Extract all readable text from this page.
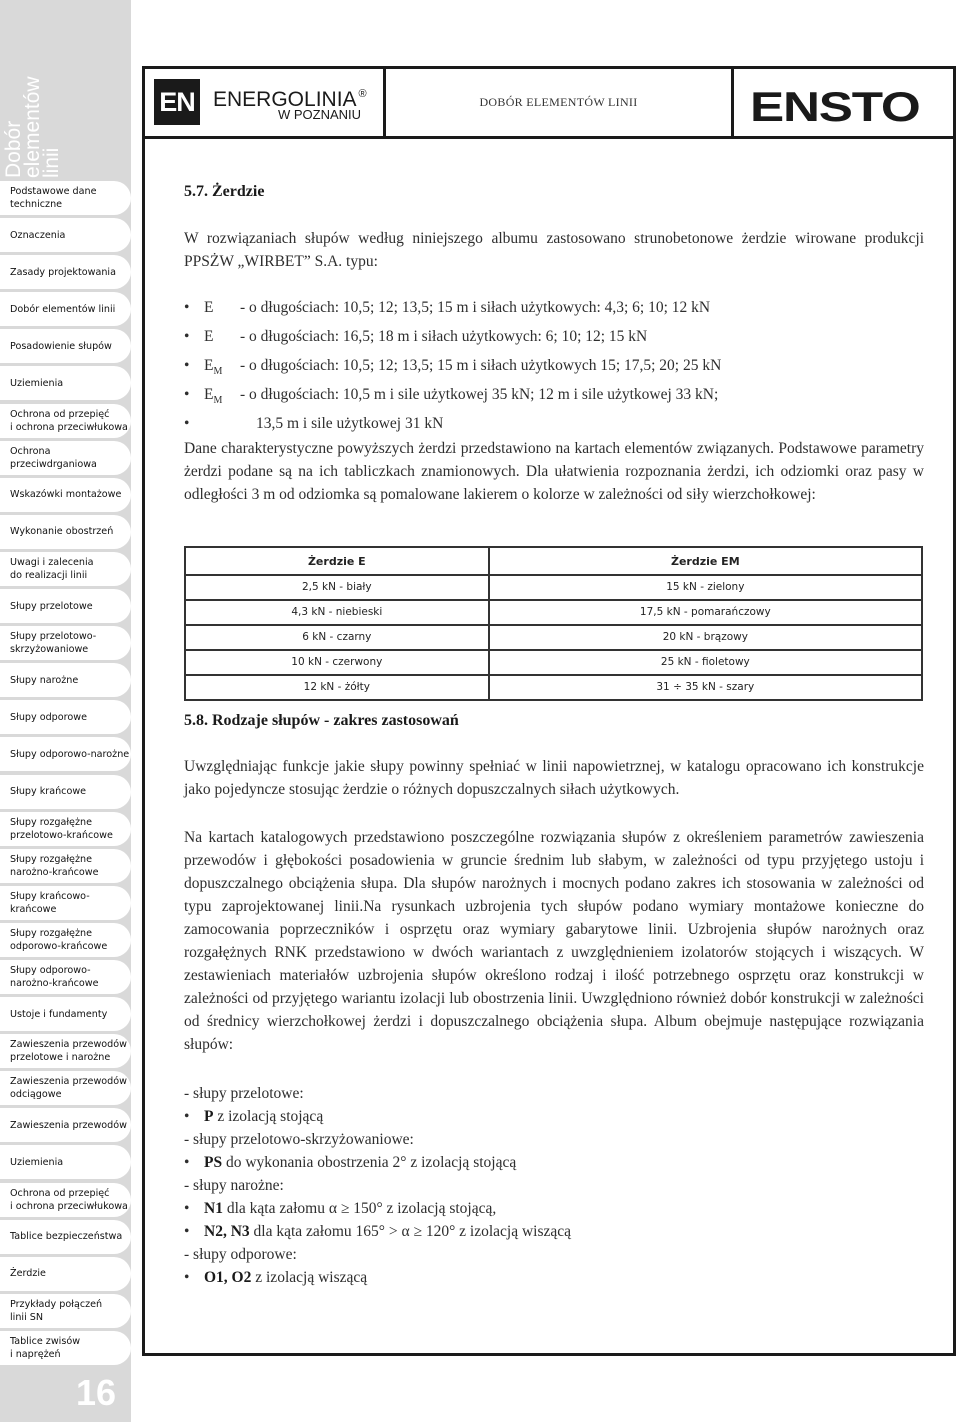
Dobór
elementów
linii
Podstawowe dane
techniczne
Oznaczenia
Zasady projektowania
Dobór elementów linii
Posadowienie słupów
Uziemienia
Ochrona od przepięć
i ochrona przeciwłukowa
Ochrona
przeciwdrganiowa
Wskazówki montażowe
Wykonanie obostrzeń
Uwagi i zalecenia
do realizacji linii
Słupy przelotowe
Słupy przelotowo-
skrzyżowaniowe
Słupy narożne
Słupy odporowe
Słupy odporowo-narożne
Słupy krańcowe
Słupy rozgałężne
przelotowo-krańcowe
Słupy rozgałężne
narożno-krańcowe
Słupy krańcowo-
krańcowe
Słupy rozgałężne
odporowo-krańcowe
Słupy odporowo-
narożno-krańcowe
Ustoje i fundamenty
Zawieszenia przewodów
przelotowe i narożne
Zawieszenia przewodów
odciągowe
Zawieszenia przewodów
Uziemienia
Ochrona od przepięć
i ochrona przeciwłukowa
Tablice bezpieczeństwa
Żerdzie
Przykłady połączeń
linii SN
Tablice zwisów
i naprężeń
16
EN ENERGOLINIA ®
W POZNANIU
DOBÓR ELEMENTÓW LINII	ENSTO
5.7. Żerdzie

W rozwiązaniach słupów według niniejszego albumu zastosowano strunobetonowe żerdzie wirowane produkcji PPSŻW „WIRBET” S.A. typu:

• E - o długościach: 10,5; 12; 13,5; 15 m i siłach użytkowych: 4,3; 6; 10; 12 kN
• E - o długościach: 16,5; 18 m i siłach użytkowych: 6; 10; 12; 15 kN
• $E_M$ - o długościach: 10,5; 12; 13,5; 15 m i siłach użytkowych 15; 17,5; 20; 25 kN
• $E_M$ - o długościach: 10,5 m i sile użytkowej 35 kN; 12 m i sile użytkowej 33 kN;
• 13,5 m i sile użytkowej 31 kN

Dane charakterystyczne powyższych żerdzi przedstawiono na kartach elementów związanych. Podstawowe parametry żerdzi podane są na ich tabliczkach znamionowych. Dla ułatwienia rozpoznania żerdzi, ich odziomki oraz pasy w odległości 3 m od odziomka są pomalowane lakierem o kolorze w zależności od siły wierzchołkowej:

Żerdzie E	Żerdzie EM
2,5 kN - biały	15 kN - zielony
4,3 kN - niebieski	17,5 kN - pomarańczowy
6 kN - czarny	20 kN - brązowy
10 kN - czerwony	25 kN - fioletowy
12 kN - żółty	31 ÷ 35 kN - szary
5.8. Rodzaje słupów - zakres zastosowań

Uwzględniając funkcje jakie słupy powinny spełniać w linii napowietrznej, w katalogu opracowano ich konstrukcje jako pojedyncze stosując żerdzie o różnych dopuszczalnych siłach użytkowych.

Na kartach katalogowych przedstawiono poszczególne rozwiązania słupów z określeniem parametrów zawieszenia przewodów i głębokości posadowienia w gruncie średnim lub słabym, w zależności od typu przyjętego ustoju i dopuszczalnego obciążenia słupa. Dla słupów narożnych i mocnych podano zakres ich stosowania w zależności od typu zaprojektowanej linii.Na rysunkach uzbrojenia tych słupów podano wymiary montażowe konieczne do zamocowania poprzeczników i osprzętu oraz wymiary gabarytowe linii. Uzbrojenia słupów narożnych oraz rozgałężnych RNK przedstawiono w dwóch wariantach z uwzględnieniem izolatorów stojących i wiszących. W zestawieniach materiałów uzbrojenia słupów określono rodzaj i ilość potrzebnego osprzętu oraz konstrukcji w zależności od przyjętego wariantu izolacji lub obostrzenia linii. Uwzględniono również dobór konstrukcji w zależności od średnicy wierzchołkowej żerdzi i dopuszczalnego obciążenia słupa. Album obejmuje następujące rozwiązania słupów:

- słupy przelotowe:
• P z izolacją stojącą
- słupy przelotowo-skrzyżowaniowe:
• PS do wykonania obostrzenia 2° z izolacją stojącą
- słupy narożne:
• N1 dla kąta załomu α ≥ 150° z izolacją stojącą,
• N2, N3 dla kąta załomu 165° > α ≥ 120° z izolacją wiszącą
- słupy odporowe:
• O1, O2 z izolacją wiszącą
